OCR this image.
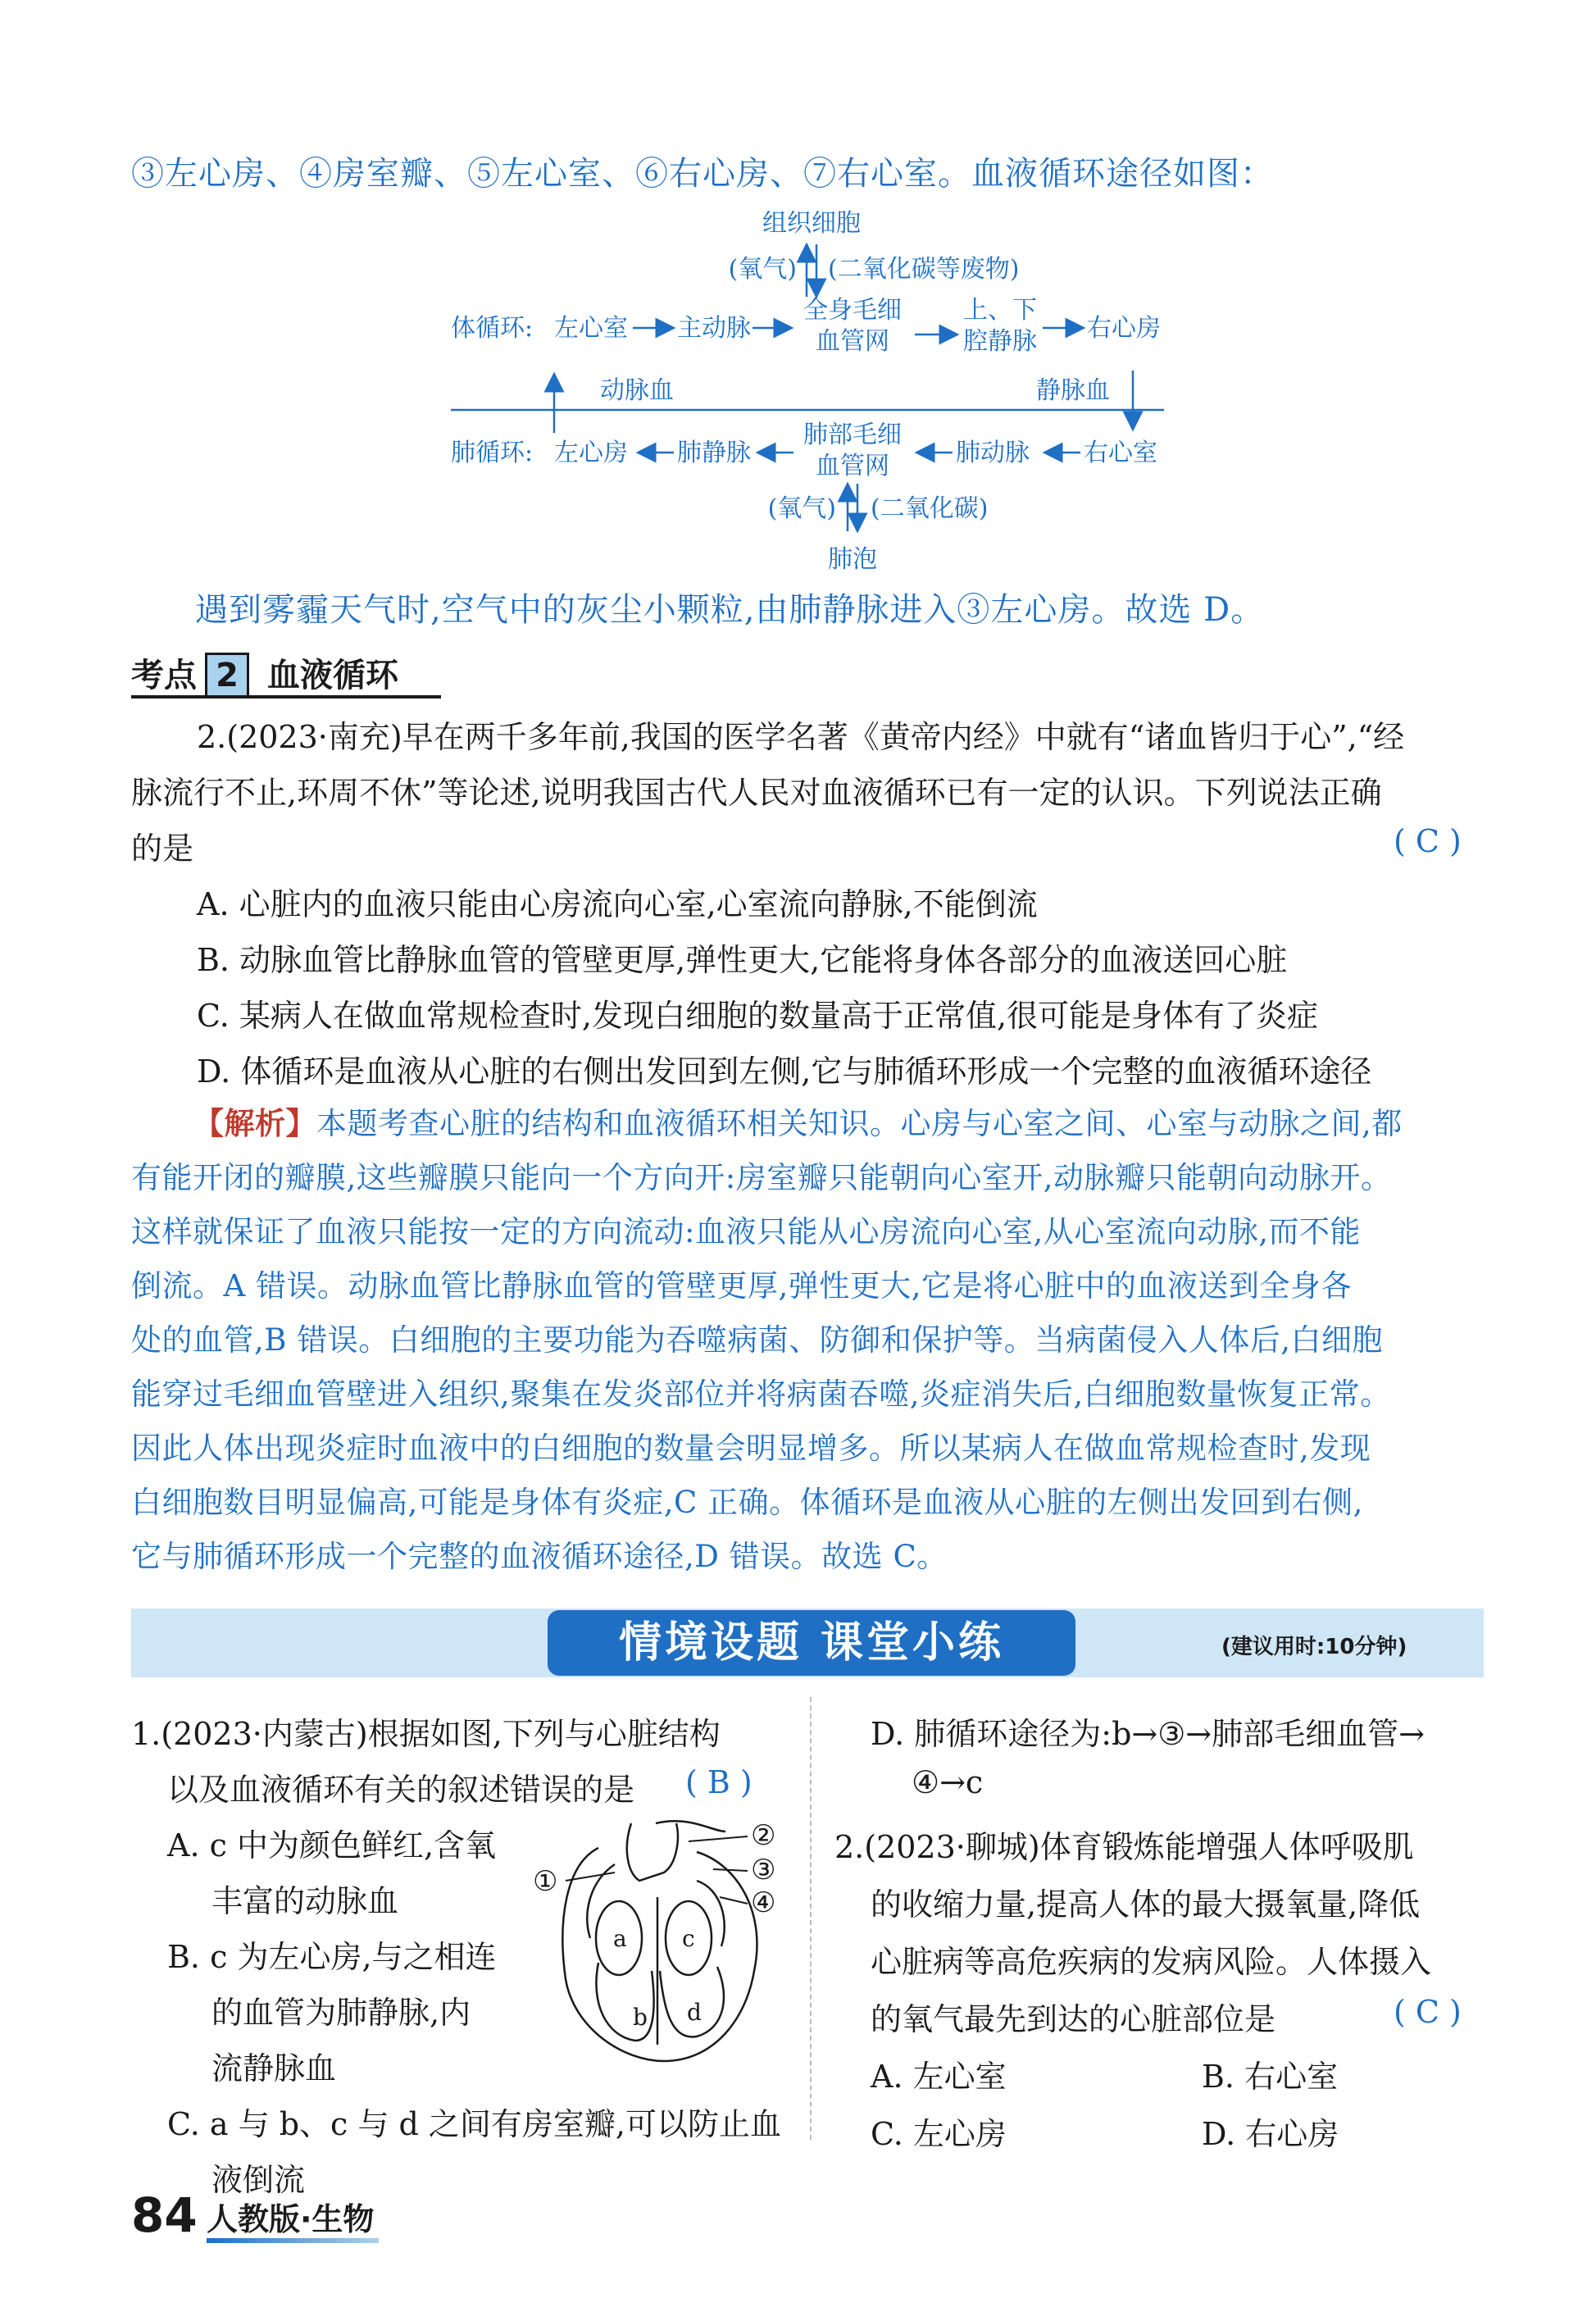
③左心房、④房室瓣、⑤左心室、⑥右心房、⑦右心室。血液循环途径如图：
组织细胞
(氧气) (二氧化碳等废物)
体循环: 左心室 主动脉
全身毛细
血管网
上、下
腔静脉 右心房
动脉血	静脉血
肺循环: 左心房 肺静脉
肺部毛细
血管网	肺动脉 右心室
(氧气) (二氧化碳)
肺泡
遇到雾霾天气时,空气中的灰尘小颗粒,由肺静脉进入③左心房。故选 D。
考点 2 血液循环
2.(2023·南充)早在两千多年前,我国的医学名著《黄帝内经》中就有“诸血皆归于心”,“经
脉流行不止,环周不休”等论述,说明我国古代人民对血液循环已有一定的认识。下列说法正确
的是	( C )
A. 心脏内的血液只能由心房流向心室,心室流向静脉,不能倒流
B. 动脉血管比静脉血管的管壁更厚,弹性更大,它能将身体各部分的血液送回心脏
C. 某病人在做血常规检查时,发现白细胞的数量高于正常值,很可能是身体有了炎症
D. 体循环是血液从心脏的右侧出发回到左侧,它与肺循环形成一个完整的血液循环途径
【解析】本题考查心脏的结构和血液循环相关知识。心房与心室之间、心室与动脉之间,都
有能开闭的瓣膜,这些瓣膜只能向一个方向开:房室瓣只能朝向心室开,动脉瓣只能朝向动脉开。
这样就保证了血液只能按一定的方向流动:血液只能从心房流向心室,从心室流向动脉,而不能
倒流。A 错误。动脉血管比静脉血管的管壁更厚,弹性更大,它是将心脏中的血液送到全身各
处的血管,B 错误。白细胞的主要功能为吞噬病菌、防御和保护等。当病菌侵入人体后,白细胞
能穿过毛细血管壁进入组织,聚集在发炎部位并将病菌吞噬,炎症消失后,白细胞数量恢复正常。
因此人体出现炎症时血液中的白细胞的数量会明显增多。所以某病人在做血常规检查时,发现
白细胞数目明显偏高,可能是身体有炎症,C 正确。体循环是血液从心脏的左侧出发回到右侧,
它与肺循环形成一个完整的血液循环途径,D 错误。故选 C。
情境设题 课堂小练	(建议用时:10分钟)
1.(2023·内蒙古)根据如图,下列与心脏结构
以及血液循环有关的叙述错误的是 ( B )
A. c 中为颜色鲜红,含氧
丰富的动脉血
B. c 为左心房,与之相连
的血管为肺静脉,内
流静脉血
C. a 与 b、c 与 d 之间有房室瓣,可以防止血
液倒流
①
②
③
④
a
b
c
d
D. 肺循环途径为:b→③→肺部毛细血管→
④→c
2.(2023·聊城)体育锻炼能增强人体呼吸肌
的收缩力量,提高人体的最大摄氧量,降低
心脏病等高危疾病的发病风险。人体摄入
的氧气最先到达的心脏部位是	( C )
A. 左心室	B. 右心室
C. 左心房	D. 右心房
84 人教版·生物
